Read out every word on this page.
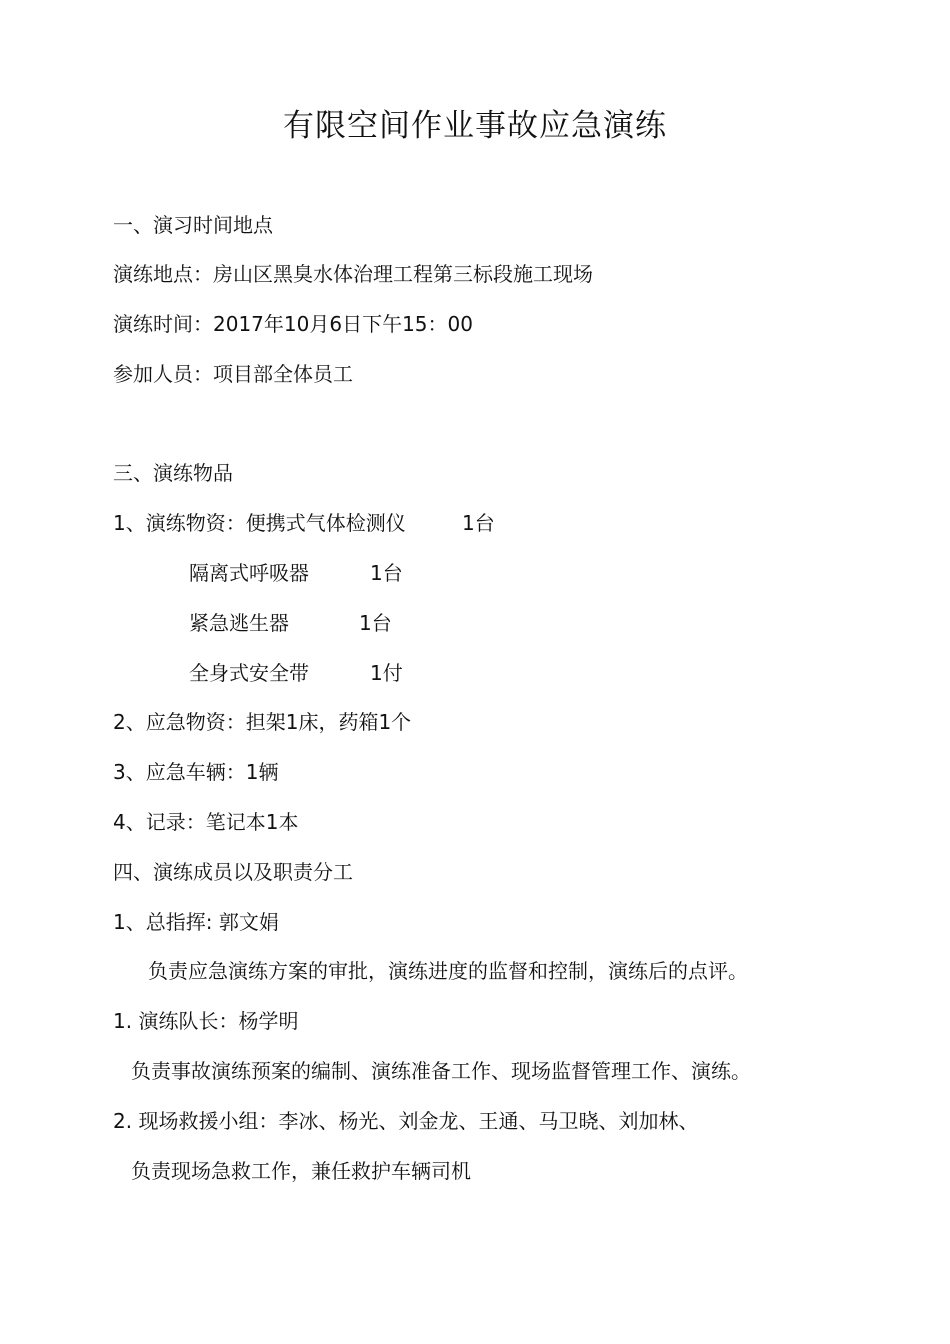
有限空间作业事故应急演练

一、演习时间地点

演练地点：房山区黑臭水体治理工程第三标段施工现场

演练时间：2017年10月6日下午15：00

参加人员：项目部全体员工

三、演练物品

1、演练物资：便携式气体检测仪	1台

隔离式呼吸器	1台

紧急逃生器	1台

全身式安全带	1付

2、应急物资：担架1床，药箱1个

3、应急车辆：1辆

4、记录：笔记本1本

四、演练成员以及职责分工

1、总指挥: 郭文娟

负责应急演练方案的审批，演练进度的监督和控制，演练后的点评。

1. 演练队长：杨学明

负责事故演练预案的编制、演练准备工作、现场监督管理工作、演练。

2. 现场救援小组：李冰、杨光、刘金龙、王通、马卫晓、刘加林、

负责现场急救工作，兼任救护车辆司机
